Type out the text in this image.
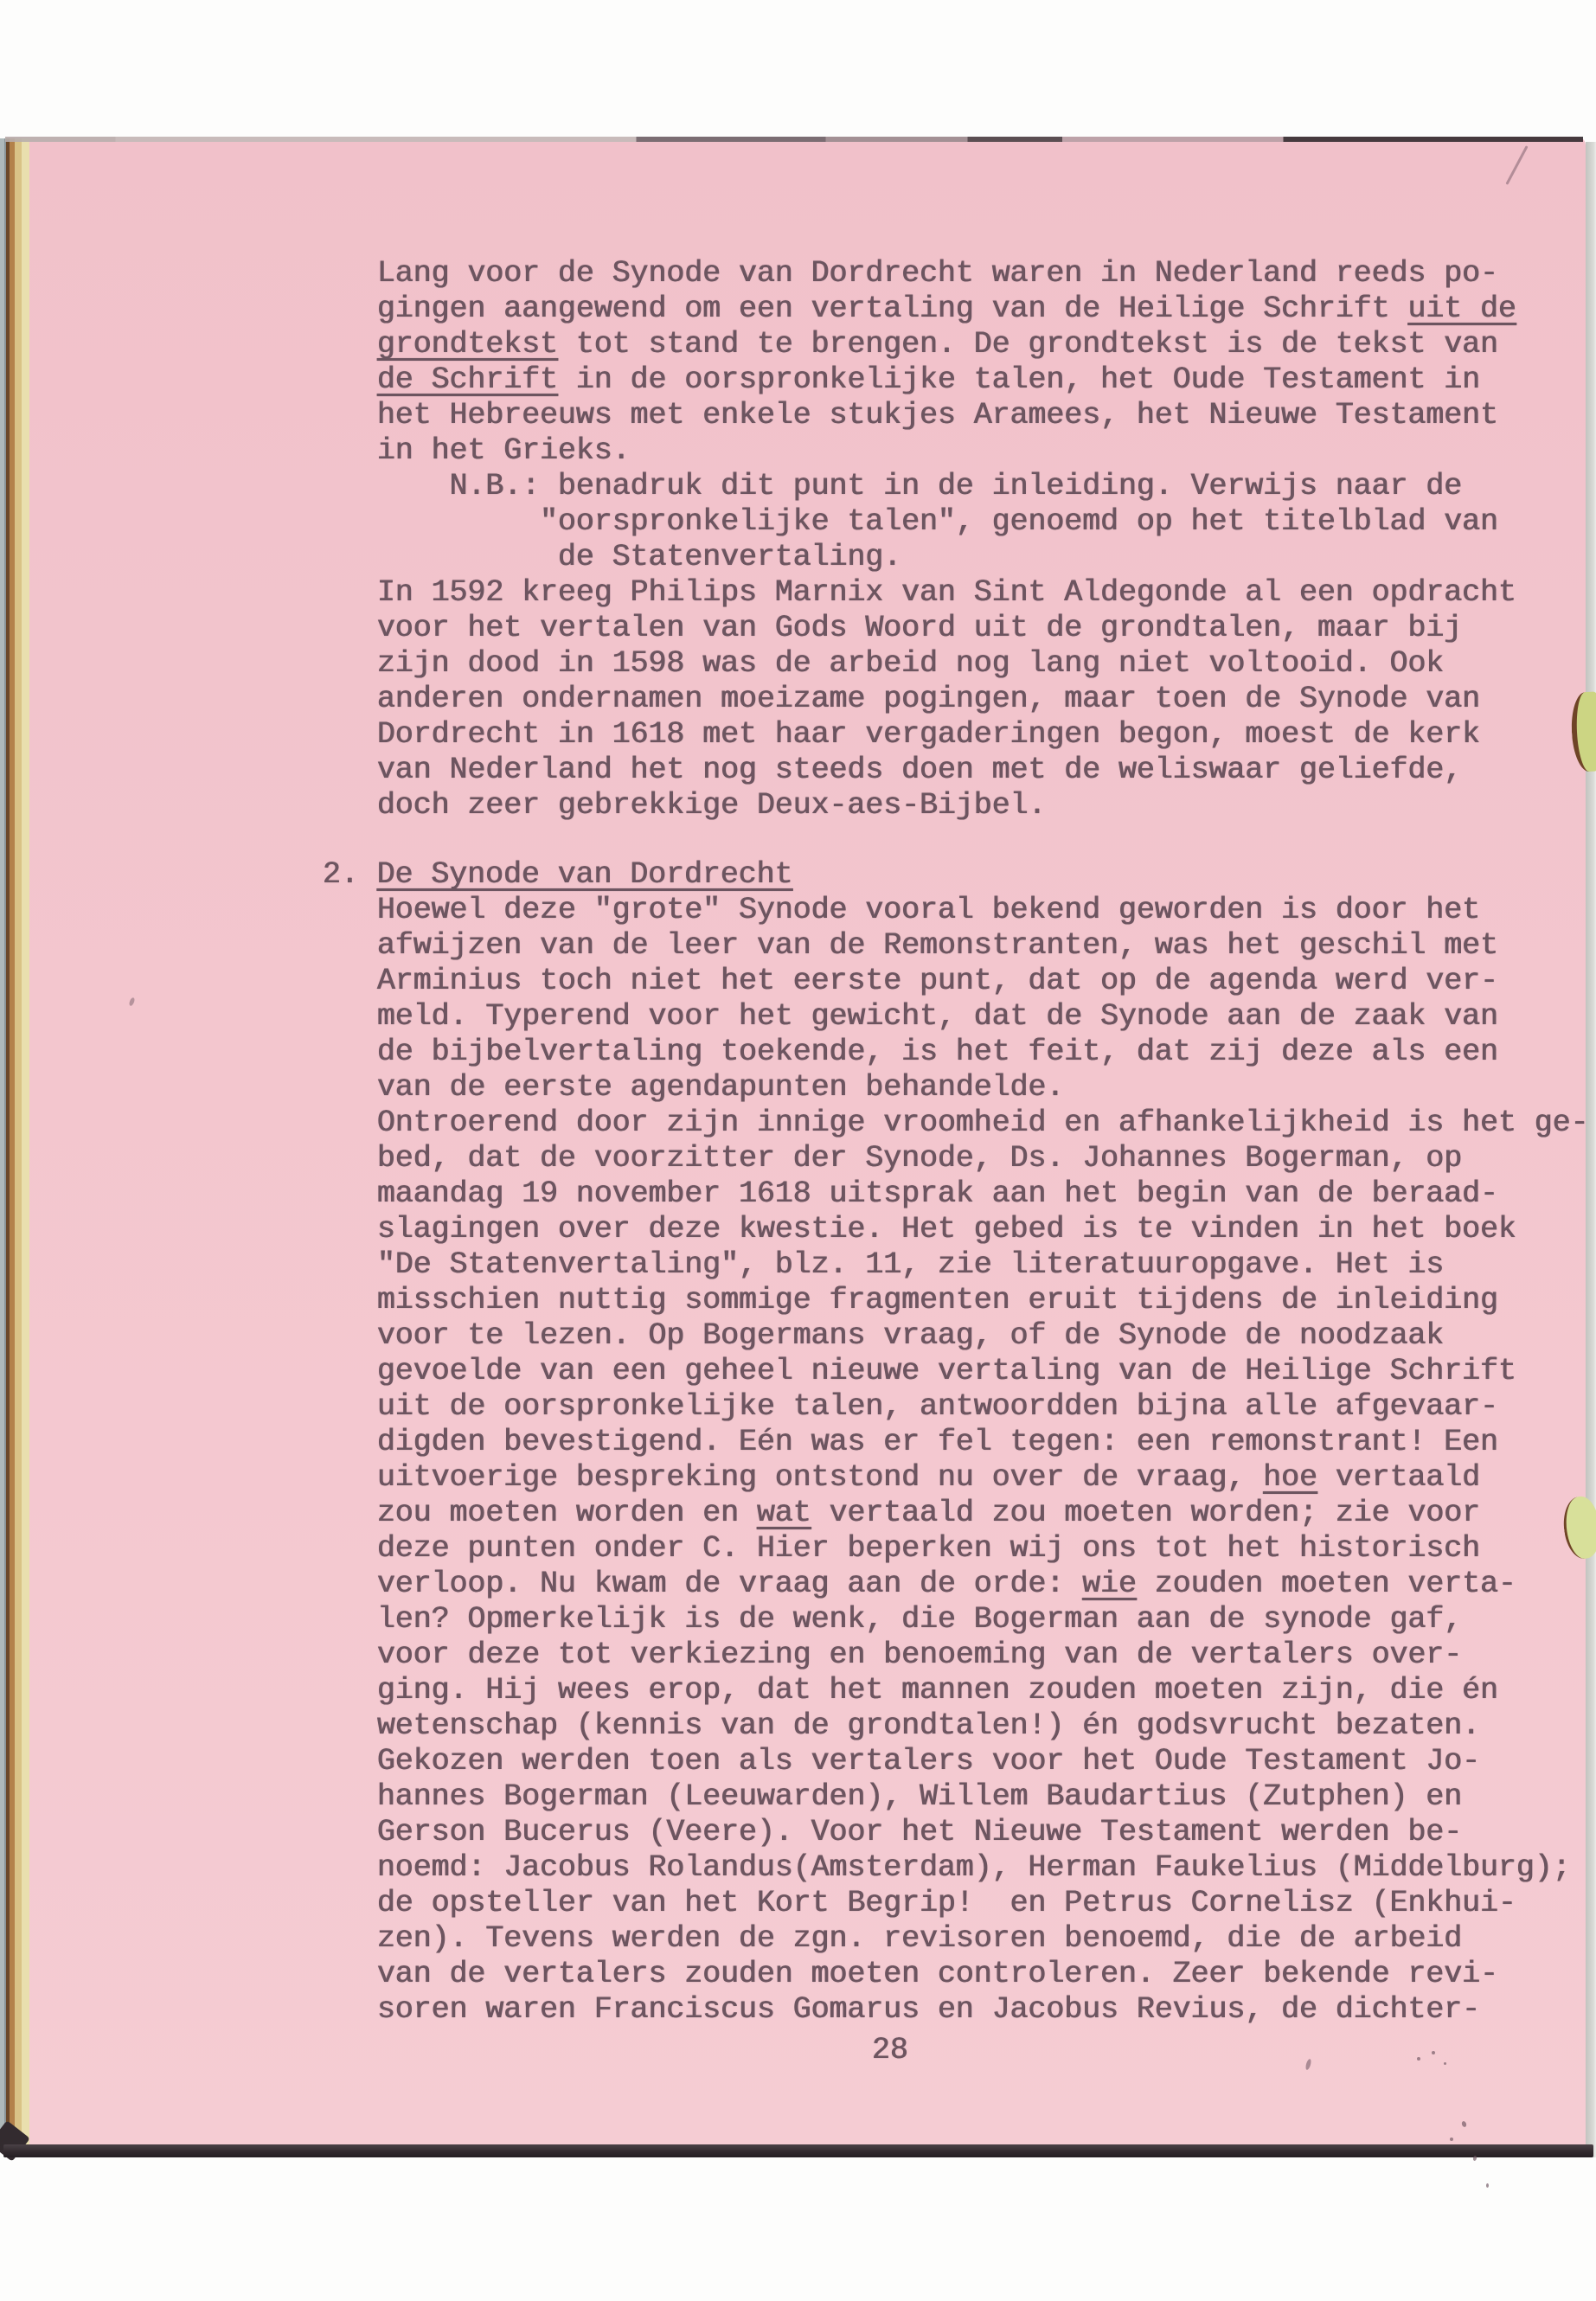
Lang voor de Synode van Dordrecht waren in Nederland reeds po-
gingen aangewend om een vertaling van de Heilige Schrift uit de
grondtekst tot stand te brengen. De grondtekst is de tekst van
de Schrift in de oorspronkelijke talen, het Oude Testament in
het Hebreeuws met enkele stukjes Aramees, het Nieuwe Testament
in het Grieks.
N.B.: benadruk dit punt in de inleiding. Verwijs naar de
"oorspronkelijke talen", genoemd op het titelblad van
de Statenvertaling.
In 1592 kreeg Philips Marnix van Sint Aldegonde al een opdracht
voor het vertalen van Gods Woord uit de grondtalen, maar bij
zijn dood in 1598 was de arbeid nog lang niet voltooid. Ook
anderen ondernamen moeizame pogingen, maar toen de Synode van
Dordrecht in 1618 met haar vergaderingen begon, moest de kerk
van Nederland het nog steeds doen met de weliswaar geliefde,
doch zeer gebrekkige Deux-aes-Bijbel.
2. De Synode van Dordrecht
Hoewel deze "grote" Synode vooral bekend geworden is door het
afwijzen van de leer van de Remonstranten, was het geschil met
Arminius toch niet het eerste punt, dat op de agenda werd ver-
meld. Typerend voor het gewicht, dat de Synode aan de zaak van
de bijbelvertaling toekende, is het feit, dat zij deze als een
van de eerste agendapunten behandelde.
Ontroerend door zijn innige vroomheid en afhankelijkheid is het ge-
bed, dat de voorzitter der Synode, Ds. Johannes Bogerman, op
maandag 19 november 1618 uitsprak aan het begin van de beraad-
slagingen over deze kwestie. Het gebed is te vinden in het boek
"De Statenvertaling", blz. 11, zie literatuuropgave. Het is
misschien nuttig sommige fragmenten eruit tijdens de inleiding
voor te lezen. Op Bogermans vraag, of de Synode de noodzaak
gevoelde van een geheel nieuwe vertaling van de Heilige Schrift
uit de oorspronkelijke talen, antwoordden bijna alle afgevaar-
digden bevestigend. Eén was er fel tegen: een remonstrant! Een
uitvoerige bespreking ontstond nu over de vraag, hoe vertaald
zou moeten worden en wat vertaald zou moeten worden; zie voor
deze punten onder C. Hier beperken wij ons tot het historisch
verloop. Nu kwam de vraag aan de orde: wie zouden moeten verta-
len? Opmerkelijk is de wenk, die Bogerman aan de synode gaf,
voor deze tot verkiezing en benoeming van de vertalers over-
ging. Hij wees erop, dat het mannen zouden moeten zijn, die én
wetenschap (kennis van de grondtalen!) én godsvrucht bezaten.
Gekozen werden toen als vertalers voor het Oude Testament Jo-
hannes Bogerman (Leeuwarden), Willem Baudartius (Zutphen) en
Gerson Bucerus (Veere). Voor het Nieuwe Testament werden be-
noemd: Jacobus Rolandus(Amsterdam), Herman Faukelius (Middelburg);
de opsteller van het Kort Begrip!  en Petrus Cornelisz (Enkhui-
zen). Tevens werden de zgn. revisoren benoemd, die de arbeid
van de vertalers zouden moeten controleren. Zeer bekende revi-
soren waren Franciscus Gomarus en Jacobus Revius, de dichter-
28
